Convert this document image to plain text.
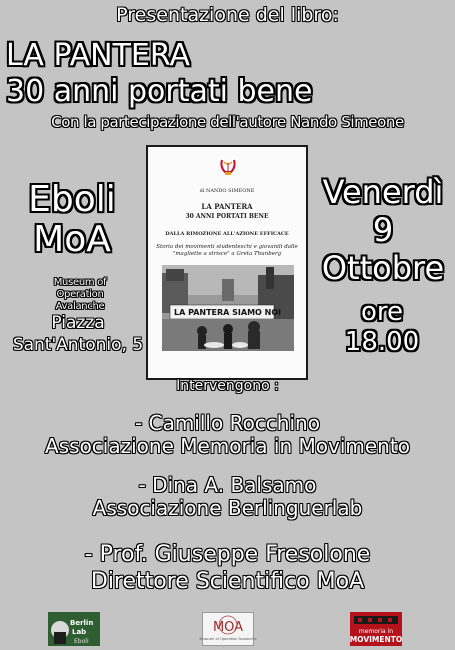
Presentazione del libro:
LA PANTERA
30 anni portati bene
Con la partecipazione dell'autore Nando Simeone
di NANDO SIMEONE
LA PANTERA
30 ANNI PORTATI BENE
DALLA RIMOZIONE ALL'AZIONE EFFICACE
Storia dei movimenti studenteschi e giovanili dalle "magliette a strisce" a Greta Thunberg
LA PANTERA SIAMO NOI
Eboli
MoA
Museum of Operation
Avalanche
Piazza
Sant'Antonio, 5
Venerdì
9
Ottobre
ore
18.00
Intervengono :
- Camillo Rocchino
Associazione Memoria in Movimento
- Dina A. Balsamo
Associazione Berlinguerlab
- Prof. Giuseppe Fresolone
Direttore Scientifico MoA
Berlin
Lab
Eboli
MOA
Museum of Operation Avalanche
memoria in
MOVIMENTO
